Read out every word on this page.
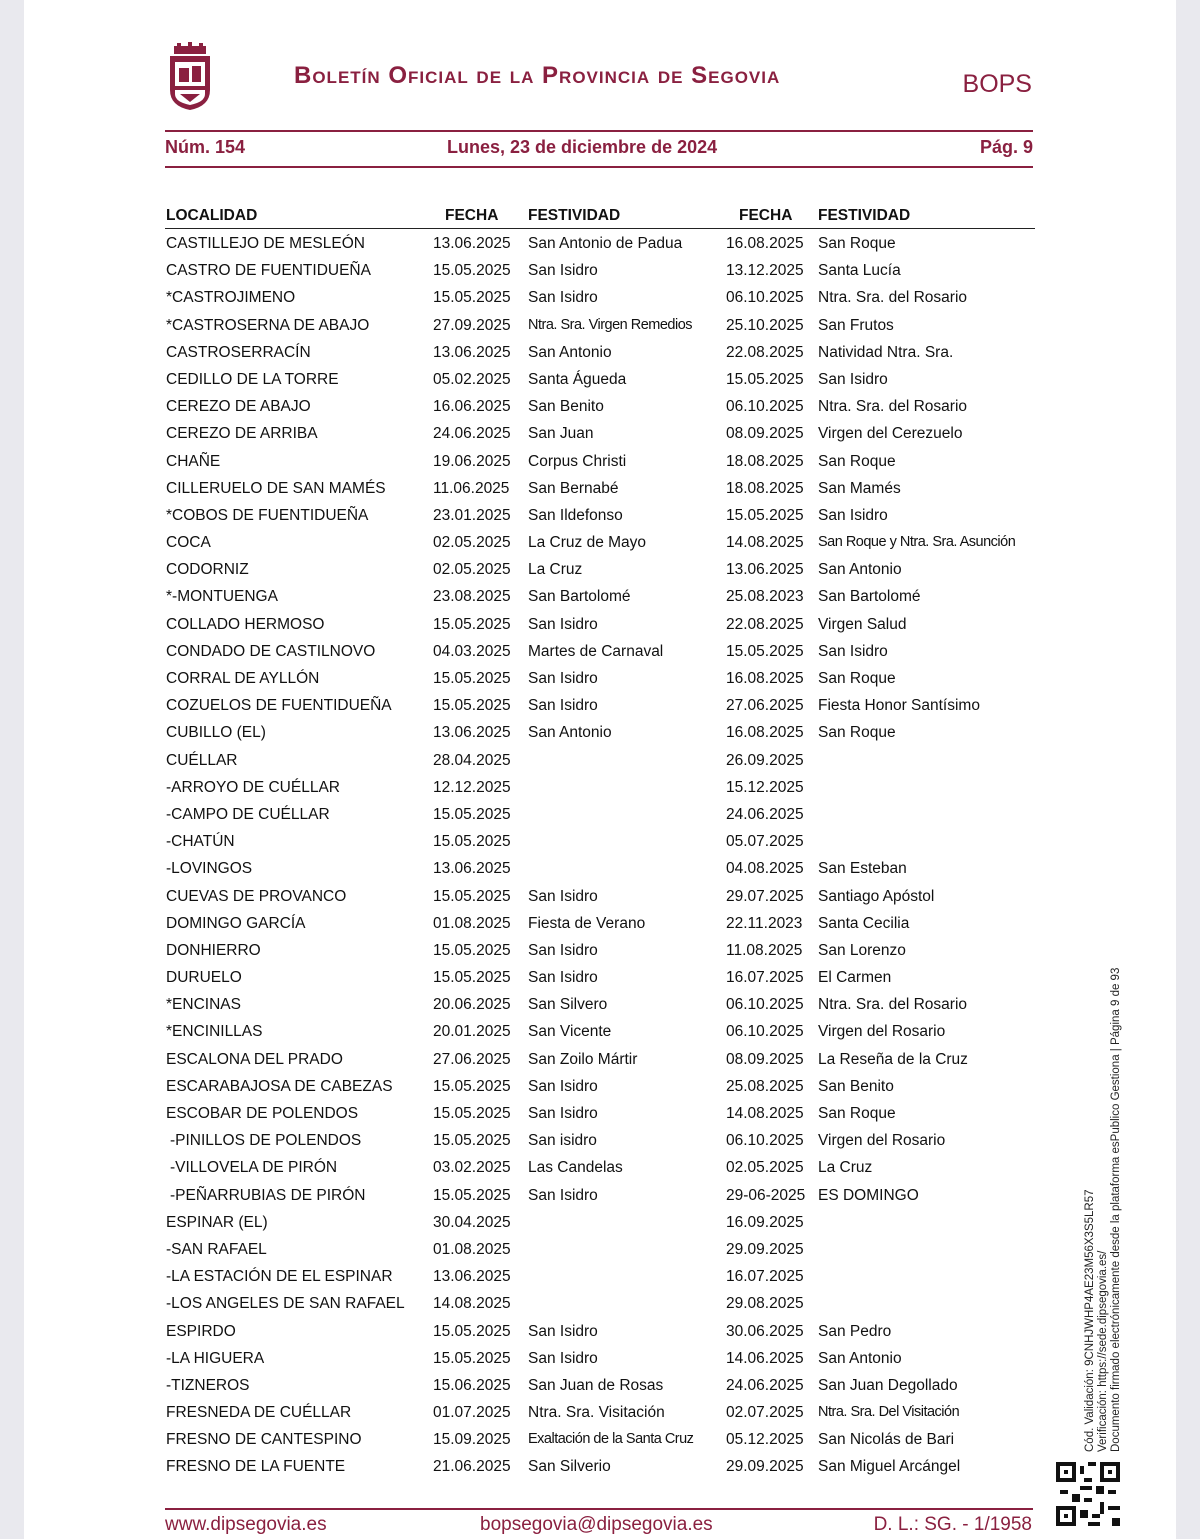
Boletín Oficial de la Provincia de Segovia	BOPS
Núm. 154	Lunes, 23 de diciembre de 2024	Pág. 9
LOCALIDAD	FECHA FESTIVIDAD	FECHA FESTIVIDAD
CASTILLEJO DE MESLEÓN	13.06.2025 San Antonio de Padua	16.08.2025 San Roque
CASTRO DE FUENTIDUEÑA	15.05.2025 San Isidro	13.12.2025 Santa Lucía
*CASTROJIMENO	15.05.2025 San Isidro	06.10.2025 Ntra. Sra. del Rosario
*CASTROSERNA DE ABAJO	27.09.2025 Ntra. Sra. Virgen Remedios 25.10.2025 San Frutos
CASTROSERRACÍN	13.06.2025 San Antonio	22.08.2025 Natividad Ntra. Sra.
CEDILLO DE LA TORRE	05.02.2025 Santa Águeda	15.05.2025 San Isidro
CEREZO DE ABAJO	16.06.2025 San Benito	06.10.2025 Ntra. Sra. del Rosario
CEREZO DE ARRIBA	24.06.2025 San Juan	08.09.2025 Virgen del Cerezuelo
CHAÑE	19.06.2025 Corpus Christi	18.08.2025 San Roque
CILLERUELO DE SAN MAMÉS	11.06.2025 San Bernabé	18.08.2025 San Mamés
*COBOS DE FUENTIDUEÑA	23.01.2025 San Ildefonso	15.05.2025 San Isidro
COCA	02.05.2025 La Cruz de Mayo	14.08.2025 San Roque y Ntra. Sra. Asunción
CODORNIZ	02.05.2025 La Cruz	13.06.2025 San Antonio
*-MONTUENGA	23.08.2025 San Bartolomé	25.08.2023 San Bartolomé
COLLADO HERMOSO	15.05.2025 San Isidro	22.08.2025 Virgen Salud
CONDADO DE CASTILNOVO	04.03.2025 Martes de Carnaval	15.05.2025 San Isidro
CORRAL DE AYLLÓN	15.05.2025 San Isidro	16.08.2025 San Roque
COZUELOS DE FUENTIDUEÑA	15.05.2025 San Isidro	27.06.2025 Fiesta Honor Santísimo
CUBILLO (EL)	13.06.2025 San Antonio	16.08.2025 San Roque
CUÉLLAR	28.04.2025	26.09.2025
-ARROYO DE CUÉLLAR	12.12.2025	15.12.2025
-CAMPO DE CUÉLLAR	15.05.2025	24.06.2025
-CHATÚN	15.05.2025	05.07.2025
-LOVINGOS	13.06.2025	04.08.2025 San Esteban
CUEVAS DE PROVANCO	15.05.2025 San Isidro	29.07.2025 Santiago Apóstol
DOMINGO GARCÍA	01.08.2025 Fiesta de Verano	22.11.2023 Santa Cecilia
DONHIERRO	15.05.2025 San Isidro	11.08.2025 San Lorenzo
DURUELO	15.05.2025 San Isidro	16.07.2025 El Carmen
*ENCINAS	20.06.2025 San Silvero	06.10.2025 Ntra. Sra. del Rosario
*ENCINILLAS	20.01.2025 San Vicente	06.10.2025 Virgen del Rosario
ESCALONA DEL PRADO	27.06.2025 San Zoilo Mártir	08.09.2025 La Reseña de la Cruz
ESCARABAJOSA DE CABEZAS	15.05.2025 San Isidro	25.08.2025 San Benito
ESCOBAR DE POLENDOS	15.05.2025 San Isidro	14.08.2025 San Roque
-PINILLOS DE POLENDOS	15.05.2025 San isidro	06.10.2025 Virgen del Rosario
-VILLOVELA DE PIRÓN	03.02.2025 Las Candelas	02.05.2025 La Cruz
-PEÑARRUBIAS DE PIRÓN	15.05.2025 San Isidro	29-06-2025 ES DOMINGO
ESPINAR (EL)	30.04.2025	16.09.2025
-SAN RAFAEL	01.08.2025	29.09.2025
-LA ESTACIÓN DE EL ESPINAR	13.06.2025	16.07.2025
-LOS ANGELES DE SAN RAFAEL 14.08.2025	29.08.2025
ESPIRDO	15.05.2025 San Isidro	30.06.2025 San Pedro
-LA HIGUERA	15.05.2025 San Isidro	14.06.2025 San Antonio
-TIZNEROS	15.06.2025 San Juan de Rosas	24.06.2025 San Juan Degollado
FRESNEDA DE CUÉLLAR	01.07.2025 Ntra. Sra. Visitación	02.07.2025 Ntra. Sra. Del Visitación
FRESNO DE CANTESPINO	15.09.2025 Exaltación de la Santa Cruz 05.12.2025 San Nicolás de Bari
FRESNO DE LA FUENTE	21.06.2025 San Silverio	29.09.2025 San Miguel Arcángel
Cód. Validación: 9CNHJWHP4AE23M56X3S5LR57 Verificación: https://sede.dipsegovia.es/ Documento firmado electrónicamente desde la plataforma esPublico Gestiona | Página 9 de 93
www.dipsegovia.es	bopsegovia@dipsegovia.es	D. L.: SG. - 1/1958
